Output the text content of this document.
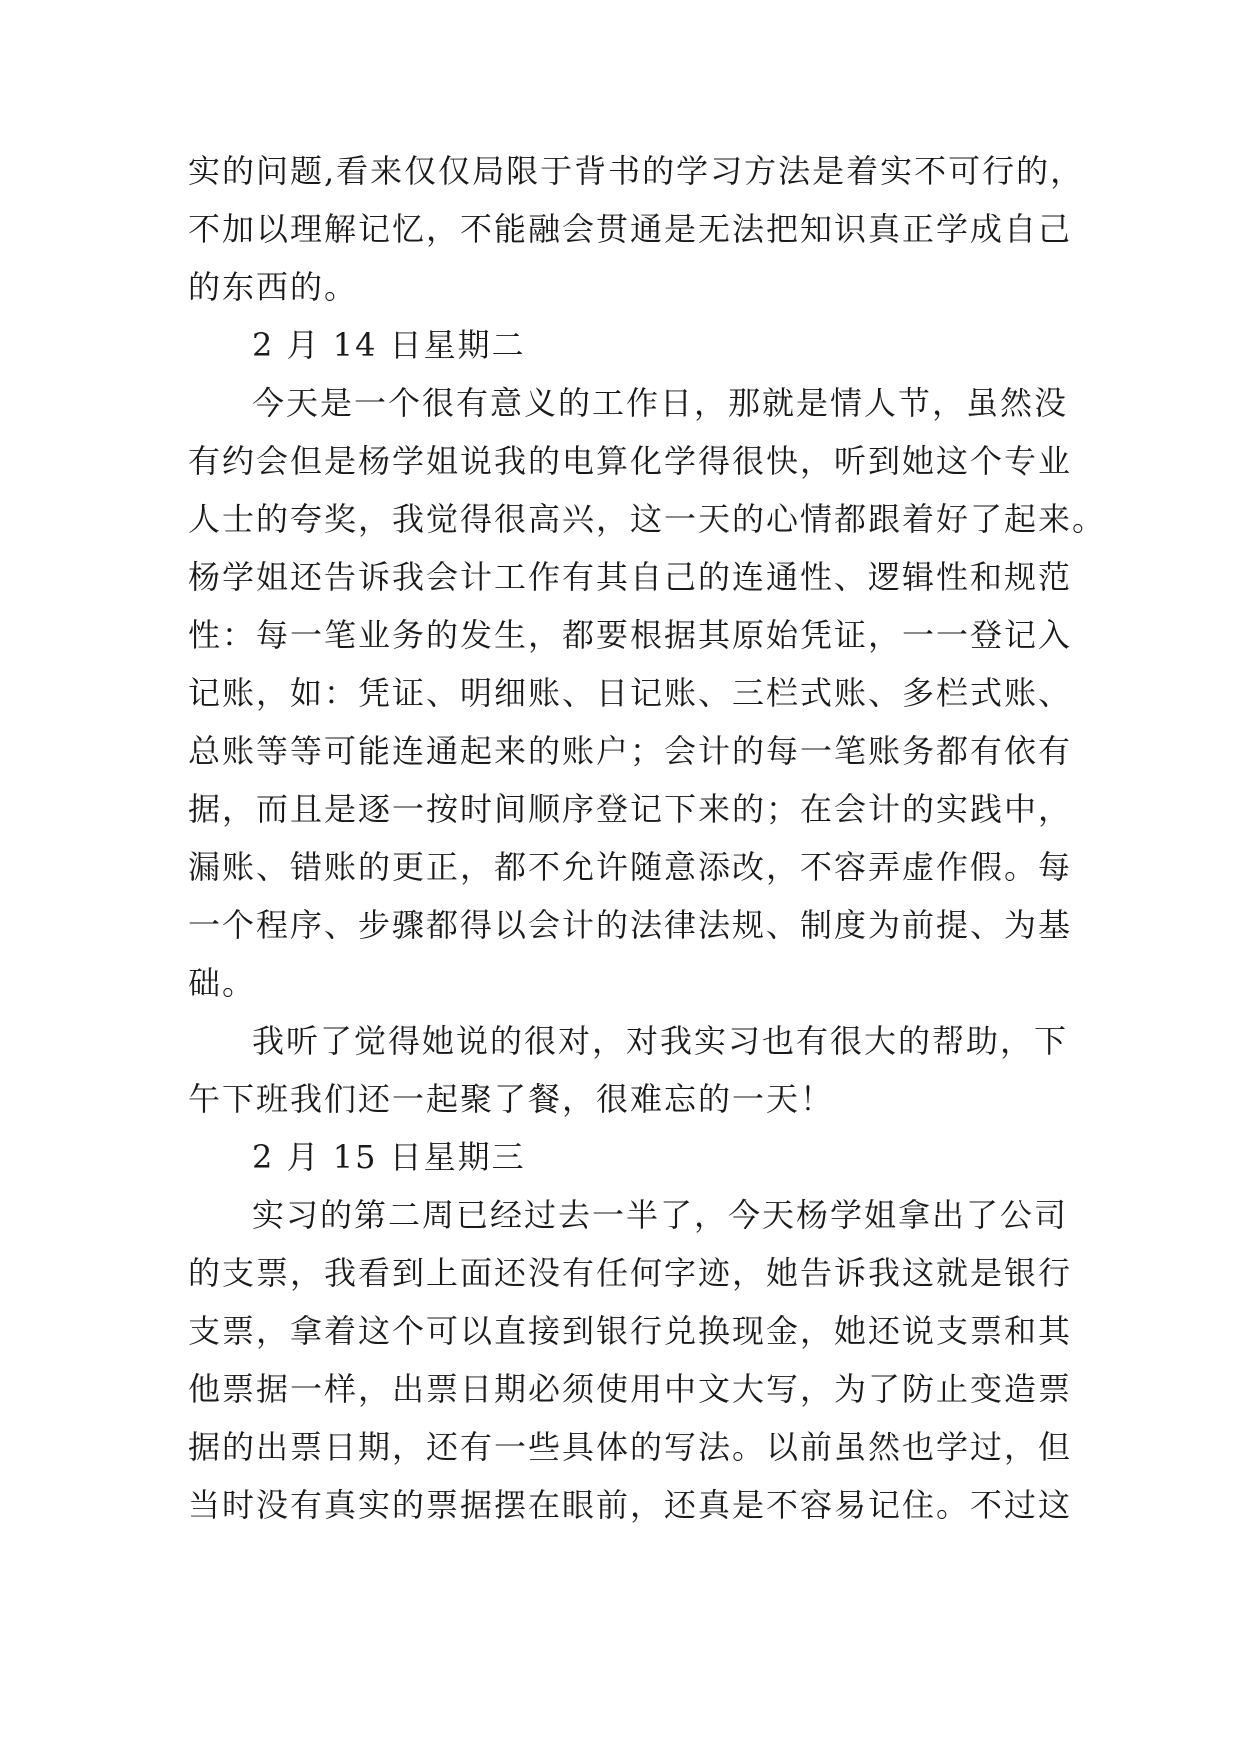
实的问题,看来仅仅局限于背书的学习方法是着实不可行的，
不加以理解记忆，不能融会贯通是无法把知识真正学成自己
的东西的。
2 月 14 日星期二
今天是一个很有意义的工作日，那就是情人节，虽然没
有约会但是杨学姐说我的电算化学得很快，听到她这个专业
人士的夸奖，我觉得很高兴，这一天的心情都跟着好了起来。
杨学姐还告诉我会计工作有其自己的连通性、逻辑性和规范
性：每一笔业务的发生，都要根据其原始凭证，一一登记入
记账，如：凭证、明细账、日记账、三栏式账、多栏式账、
总账等等可能连通起来的账户；会计的每一笔账务都有依有
据，而且是逐一按时间顺序登记下来的；在会计的实践中，
漏账、错账的更正，都不允许随意添改，不容弄虚作假。每
一个程序、步骤都得以会计的法律法规、制度为前提、为基
础。
我听了觉得她说的很对，对我实习也有很大的帮助，下
午下班我们还一起聚了餐，很难忘的一天！
2 月 15 日星期三
实习的第二周已经过去一半了，今天杨学姐拿出了公司
的支票，我看到上面还没有任何字迹，她告诉我这就是银行
支票，拿着这个可以直接到银行兑换现金，她还说支票和其
他票据一样，出票日期必须使用中文大写，为了防止变造票
据的出票日期，还有一些具体的写法。以前虽然也学过，但
当时没有真实的票据摆在眼前，还真是不容易记住。不过这
